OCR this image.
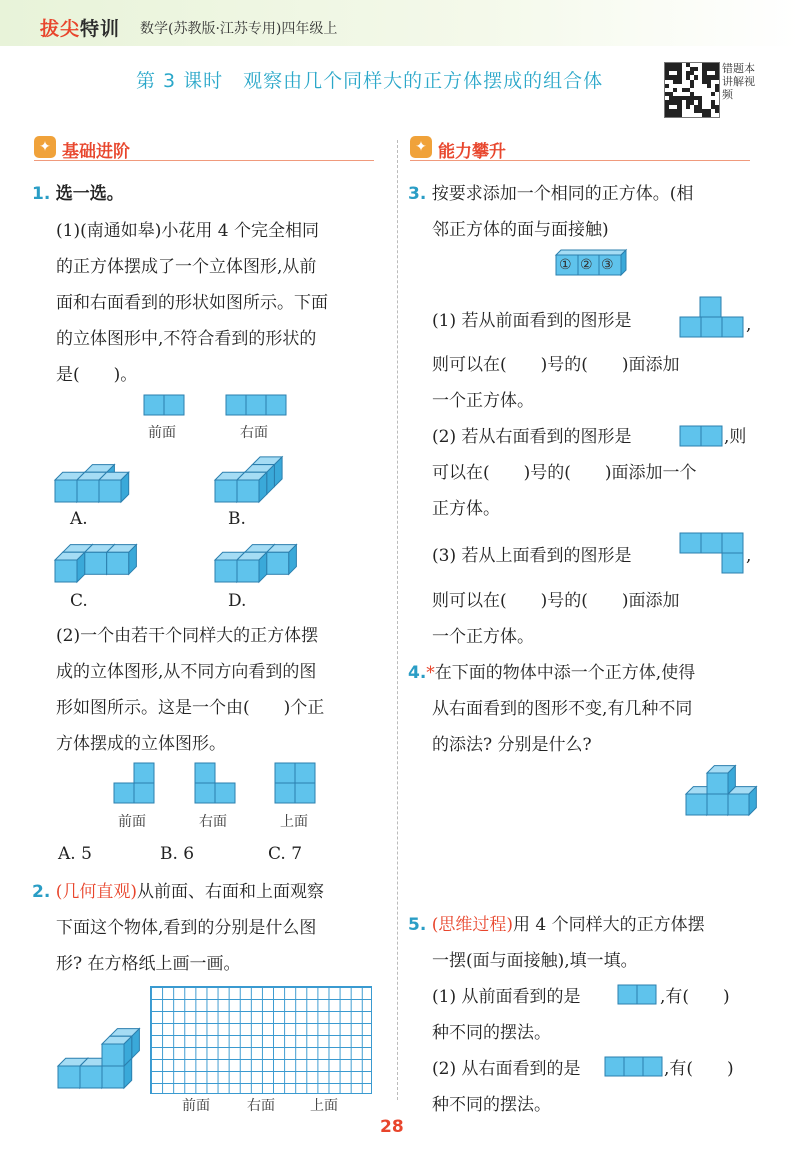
拔尖特训 数学(苏教版·江苏专用)四年级上
第 3 课时　观察由几个同样大的正方体摆成的组合体
错题本讲解视频
✦ 基础进阶	✦ 能力攀升
1. 选一选。
(1)(南通如皋)小花用 4 个完全相同
的正方体摆成了一个立体图形,从前
面和右面看到的形状如图所示。下面
的立体图形中,不符合看到的形状的
是(　　)。
前面	右面
A.	B.
C.	D.
(2)一个由若干个同样大的正方体摆
成的立体图形,从不同方向看到的图
形如图所示。这是一个由(　　)个正
方体摆成的立体图形。
前面	右面	上面
A. 5	B. 6	C. 7
2. (几何直观)从前面、右面和上面观察
下面这个物体,看到的分别是什么图
形? 在方格纸上画一画。
前面	右面	上面
3. 按要求添加一个相同的正方体。(相
邻正方体的面与面接触)
① ② ③
(1) 若从前面看到的图形是	,
则可以在(　　)号的(　　)面添加
一个正方体。
(2) 若从右面看到的图形是	,则
可以在(　　)号的(　　)面添加一个
正方体。
(3) 若从上面看到的图形是	,
则可以在(　　)号的(　　)面添加
一个正方体。
4.*在下面的物体中添一个正方体,使得
从右面看到的图形不变,有几种不同
的添法? 分别是什么?
5. (思维过程)用 4 个同样大的正方体摆
一摆(面与面接触),填一填。
(1) 从前面看到的是	,有(　　)
种不同的摆法。
(2) 从右面看到的是	,有(　　)
种不同的摆法。
28
